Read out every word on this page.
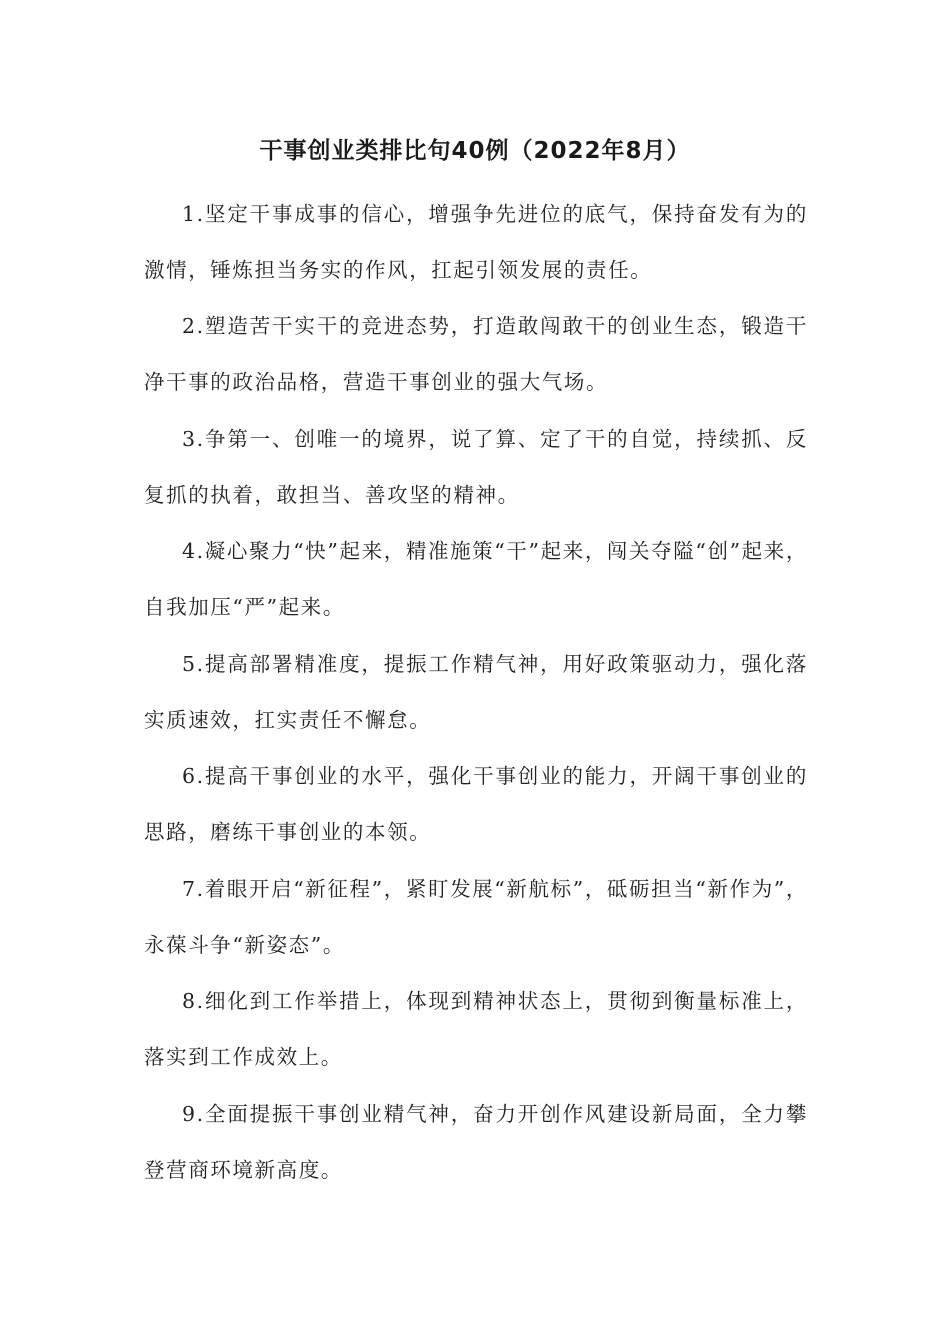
干事创业类排比句40例（2022年8月）

1.坚定干事成事的信心，增强争先进位的底气，保持奋发有为的激情，锤炼担当务实的作风，扛起引领发展的责任。

2.塑造苦干实干的竞进态势，打造敢闯敢干的创业生态，锻造干净干事的政治品格，营造干事创业的强大气场。

3.争第一、创唯一的境界，说了算、定了干的自觉，持续抓、反复抓的执着，敢担当、善攻坚的精神。

4.凝心聚力“快”起来，精准施策“干”起来，闯关夺隘“创”起来，自我加压“严”起来。

5.提高部署精准度，提振工作精气神，用好政策驱动力，强化落实质速效，扛实责任不懈怠。

6.提高干事创业的水平，强化干事创业的能力，开阔干事创业的思路，磨练干事创业的本领。

7.着眼开启“新征程”，紧盯发展“新航标”，砥砺担当“新作为”，永葆斗争“新姿态”。

8.细化到工作举措上，体现到精神状态上，贯彻到衡量标准上，落实到工作成效上。

9.全面提振干事创业精气神，奋力开创作风建设新局面，全力攀登营商环境新高度。
